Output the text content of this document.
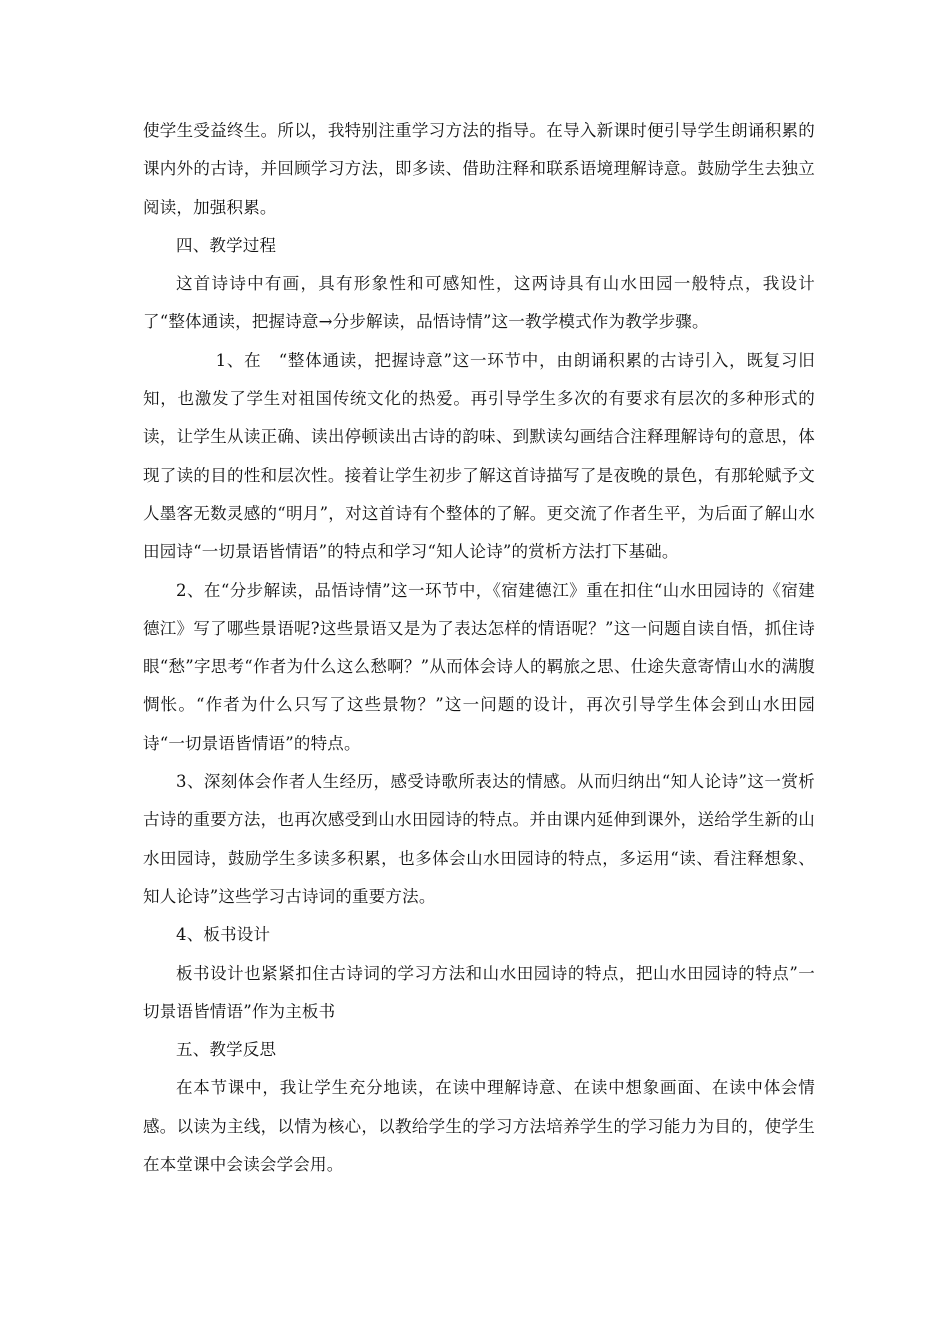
使学生受益终生。所以，我特别注重学习方法的指导。在导入新课时便引导学生朗诵积累的课内外的古诗，并回顾学习方法，即多读、借助注释和联系语境理解诗意。鼓励学生去独立阅读，加强积累。

四、教学过程

这首诗诗中有画，具有形象性和可感知性，这两诗具有山水田园一般特点，我设计了“整体通读，把握诗意→分步解读，品悟诗情”这一教学模式作为教学步骤。

1、在　“整体通读，把握诗意”这一环节中，由朗诵积累的古诗引入，既复习旧知，也激发了学生对祖国传统文化的热爱。再引导学生多次的有要求有层次的多种形式的读，让学生从读正确、读出停顿读出古诗的韵味、到默读勾画结合注释理解诗句的意思，体现了读的目的性和层次性。接着让学生初步了解这首诗描写了是夜晚的景色，有那轮赋予文人墨客无数灵感的“明月”，对这首诗有个整体的了解。更交流了作者生平，为后面了解山水田园诗“一切景语皆情语”的特点和学习“知人论诗”的赏析方法打下基础。

2、在“分步解读，品悟诗情”这一环节中，《宿建德江》重在扣住“山水田园诗的《宿建德江》写了哪些景语呢?这些景语又是为了表达怎样的情语呢？”这一问题自读自悟，抓住诗眼“愁”字思考“作者为什么这么愁啊？”从而体会诗人的羁旅之思、仕途失意寄情山水的满腹惆怅。“作者为什么只写了这些景物？”这一问题的设计，再次引导学生体会到山水田园诗“一切景语皆情语”的特点。

3、深刻体会作者人生经历，感受诗歌所表达的情感。从而归纳出“知人论诗”这一赏析古诗的重要方法，也再次感受到山水田园诗的特点。并由课内延伸到课外，送给学生新的山水田园诗，鼓励学生多读多积累，也多体会山水田园诗的特点，多运用“读、看注释想象、知人论诗”这些学习古诗词的重要方法。

4、板书设计

板书设计也紧紧扣住古诗词的学习方法和山水田园诗的特点，把山水田园诗的特点”一切景语皆情语”作为主板书

五、教学反思

在本节课中，我让学生充分地读，在读中理解诗意、在读中想象画面、在读中体会情感。以读为主线，以情为核心，以教给学生的学习方法培养学生的学习能力为目的，使学生在本堂课中会读会学会用。
